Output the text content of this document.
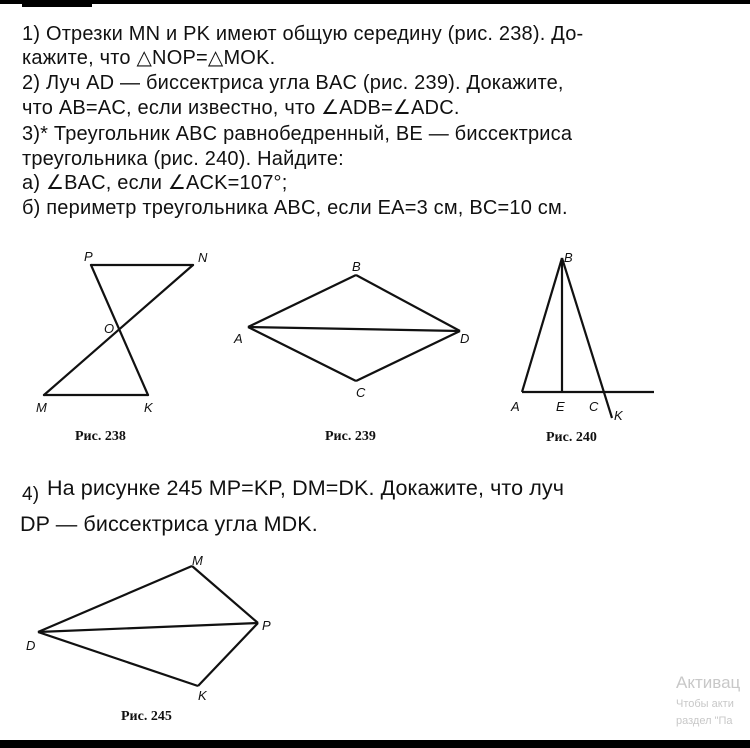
1) Отрезки MN и PK имеют общую середину (рис. 238). До-
кажите, что △NOP=△MOK.
2) Луч AD — биссектриса угла BAC (рис. 239). Докажите,
что AB=AC, если известно, что ∠ADB=∠ADC.
3)* Треугольник ABC равнобедренный, BE — биссектриса
треугольника (рис. 240). Найдите:
а) ∠BAC, если ∠ACK=107°;
б) периметр треугольника ABC, если EA=3 см, BC=10 см.
P	N
O
M	K
B
A	D
C
B
A	E C
K
M
D
P
K
Рис. 238	Рис. 239	Рис. 240
4) На рисунке 245 MP=KP, DM=DK. Докажите, что луч
DP — биссектриса угла MDK.
Рис. 245
Активац
Чтобы акти
раздел "Па
